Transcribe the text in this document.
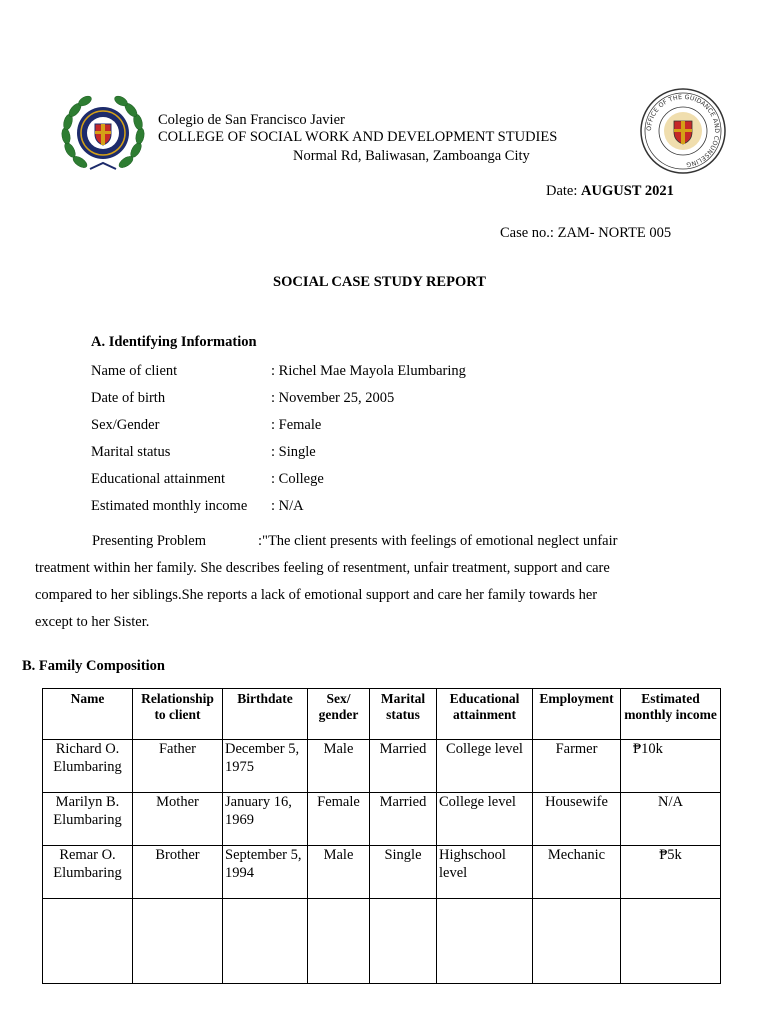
Colegio de San Francisco Javier
COLLEGE OF SOCIAL WORK AND DEVELOPMENT STUDIES
Normal Rd, Baliwasan, Zamboanga City
OFFICE OF THE GUIDANCE AND COUNSELING
Date: AUGUST 2021
Case no.: ZAM- NORTE 005
SOCIAL CASE STUDY REPORT
A. Identifying Information
Name of client	: Richel Mae Mayola Elumbaring
Date of birth	: November 25, 2005
Sex/Gender	: Female
Marital status	: Single
Educational attainment	: College
Estimated monthly income : N/A
Presenting Problem	:"The client presents with feelings of emotional neglect unfair
treatment within her family. She describes feeling of resentment, unfair treatment, support and care
compared to her siblings.She reports a lack of emotional support and care her family towards her
except to her Sister.
B. Family Composition
Name	Relationship to client	Birthdate	Sex/ gender	Marital status	Educational attainment	Employment	Estimated monthly income
Richard O. Elumbaring	Father	December 5, 1975	Male	Married	College level	Farmer	₱10k
Marilyn B. Elumbaring	Mother	January 16, 1969	Female	Married	College level	Housewife	N/A
Remar O. Elumbaring	Brother	September 5, 1994	Male	Single	Highschool level	Mechanic	₱5k
